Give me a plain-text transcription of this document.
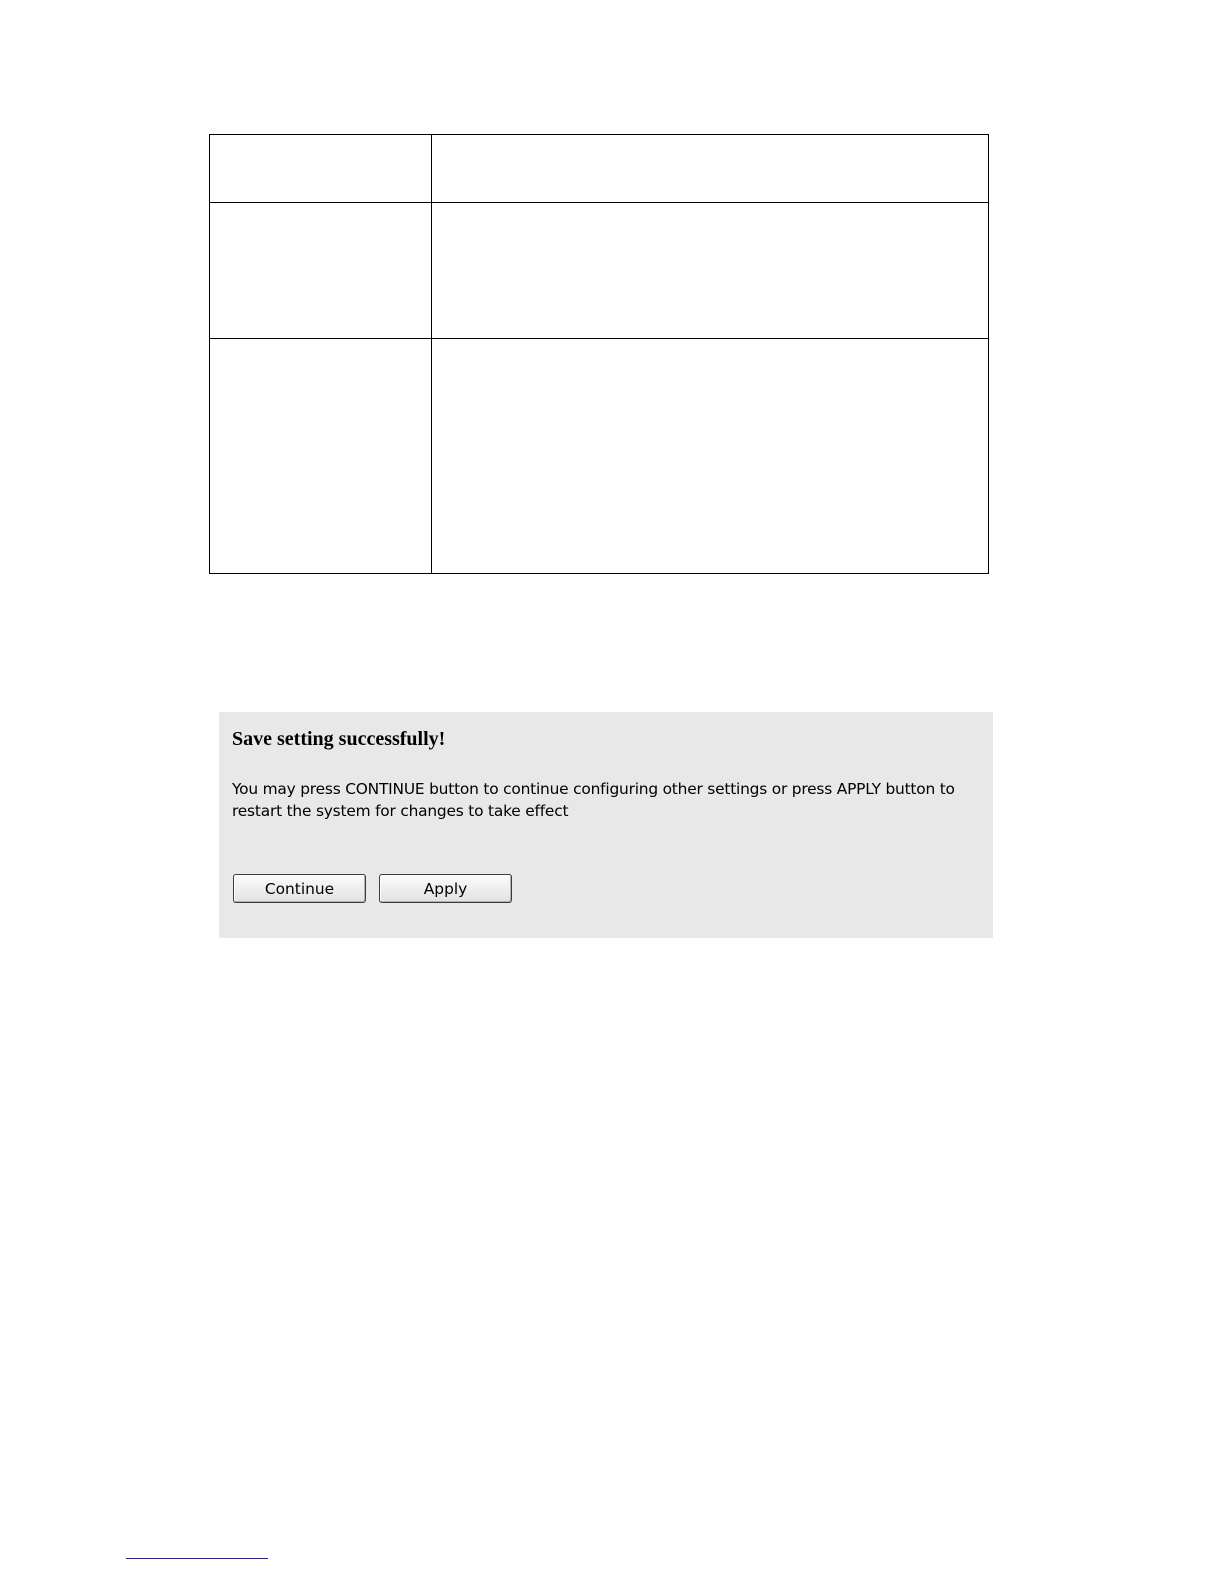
Save setting successfully!

You may press CONTINUE button to continue configuring other settings or press APPLY button to restart the system for changes to take effect

Continue	Apply
